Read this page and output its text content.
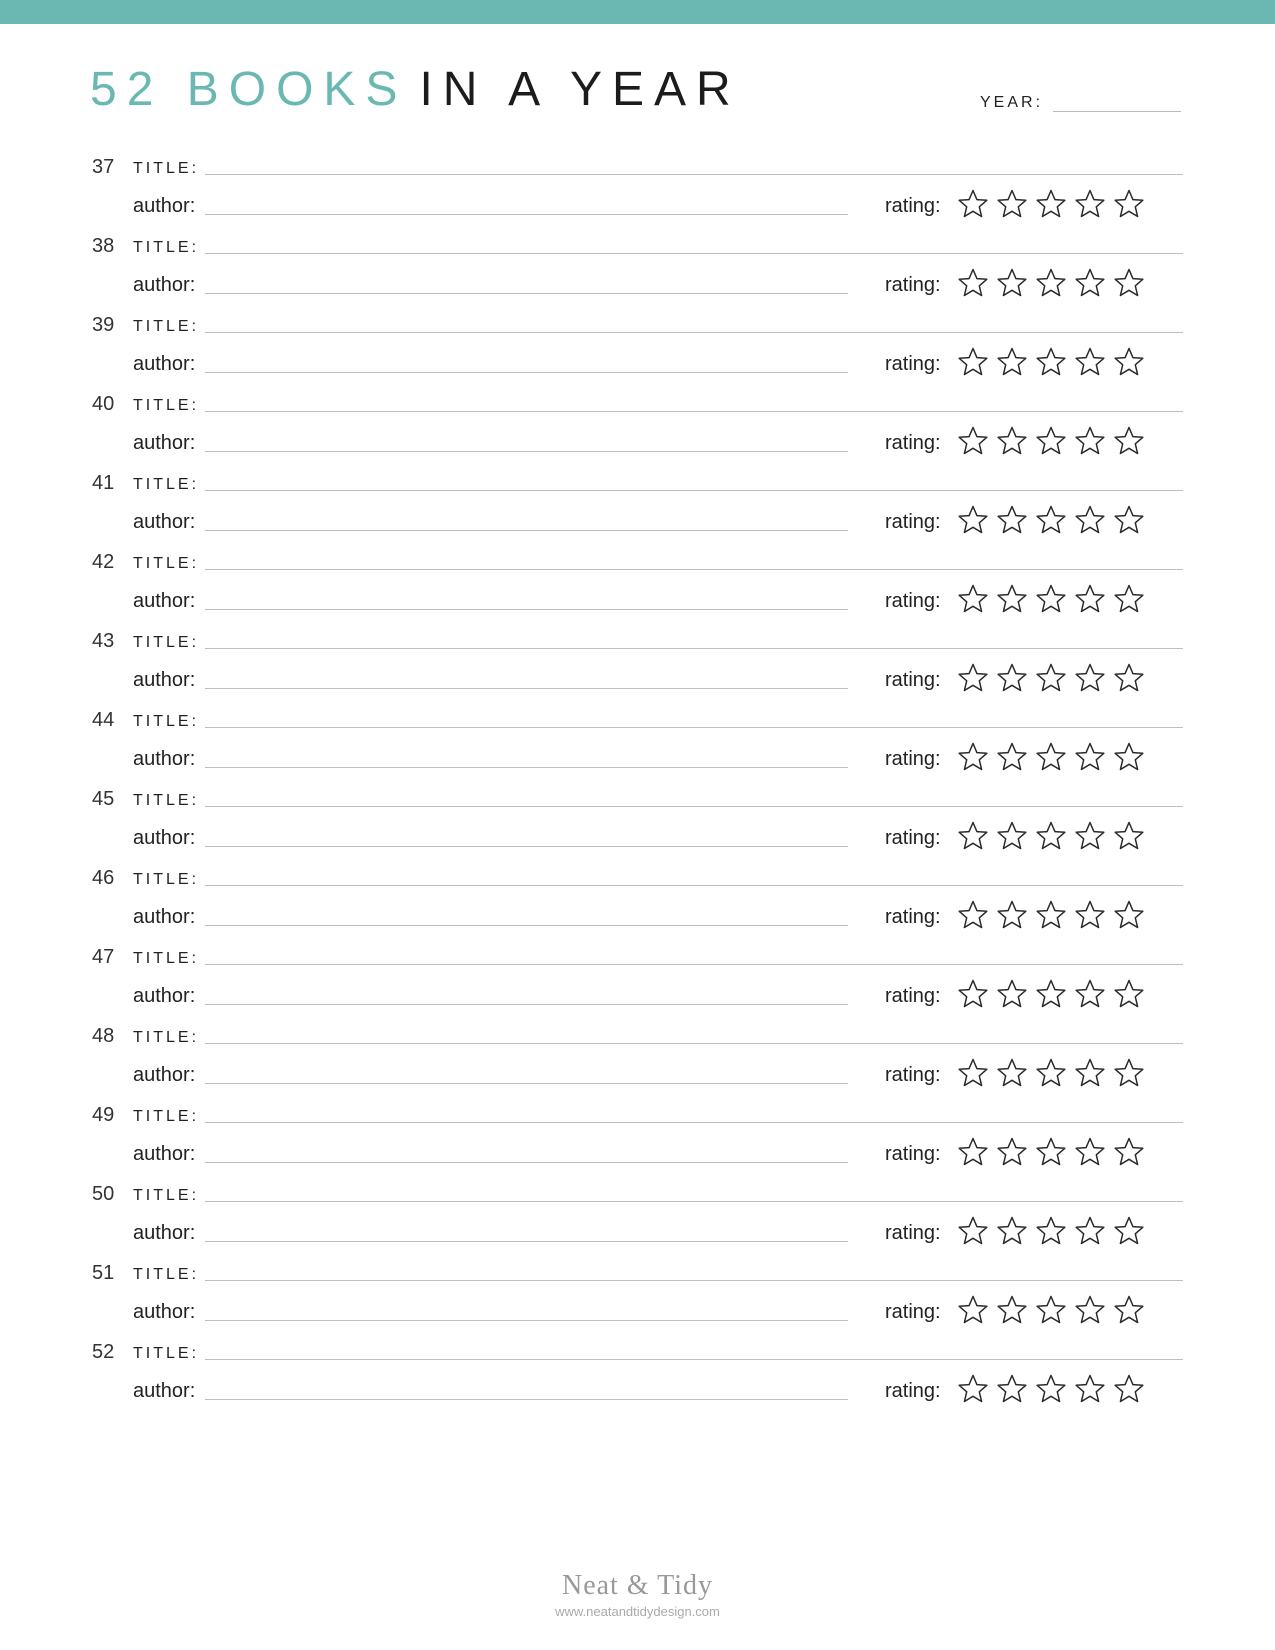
52 BOOKS IN A YEAR	YEAR:
37 TITLE:
author:	rating:
38 TITLE:
author:	rating:
39 TITLE:
author:	rating:
40 TITLE:
author:	rating:
41 TITLE:
author:	rating:
42 TITLE:
author:	rating:
43 TITLE:
author:	rating:
44 TITLE:
author:	rating:
45 TITLE:
author:	rating:
46 TITLE:
author:	rating:
47 TITLE:
author:	rating:
48 TITLE:
author:	rating:
49 TITLE:
author:	rating:
50 TITLE:
author:	rating:
51 TITLE:
author:	rating:
52 TITLE:
author:	rating:
Neat & Tidy
www.neatandtidydesign.com
